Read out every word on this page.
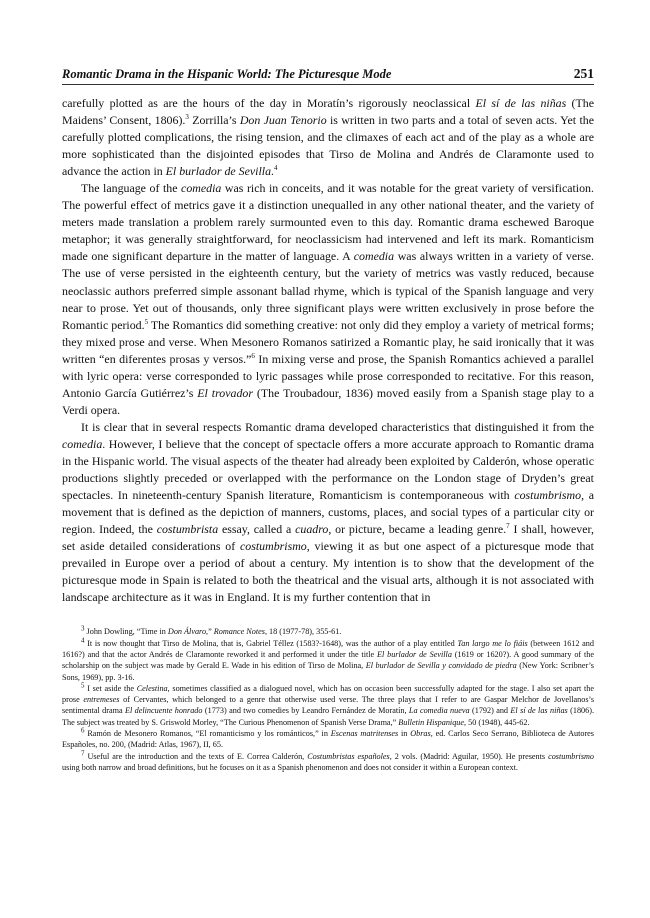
Romantic Drama in the Hispanic World: The Picturesque Mode	251

carefully plotted as are the hours of the day in Moratín’s rigorously neoclassical El sí de las niñas (The Maidens’ Consent, 1806).$^3$ Zorrilla’s Don Juan Tenorio is written in two parts and a total of seven acts. Yet the carefully plotted complications, the rising tension, and the climaxes of each act and of the play as a whole are more sophisticated than the disjointed episodes that Tirso de Molina and Andrés de Claramonte used to advance the action in El burlador de Sevilla.$^4$

The language of the comedia was rich in conceits, and it was notable for the great variety of versification. The powerful effect of metrics gave it a distinction unequalled in any other national theater, and the variety of meters made translation a problem rarely surmounted even to this day. Romantic drama eschewed Baroque metaphor; it was generally straightforward, for neoclassicism had intervened and left its mark. Romanticism made one significant departure in the matter of language. A comedia was always written in a variety of verse. The use of verse persisted in the eighteenth century, but the variety of metrics was vastly reduced, because neoclassic authors preferred simple assonant ballad rhyme, which is typical of the Spanish language and very near to prose. Yet out of thousands, only three significant plays were written exclusively in prose before the Romantic period.$^5$ The Romantics did something creative: not only did they employ a variety of metrical forms; they mixed prose and verse. When Mesonero Romanos satirized a Romantic play, he said ironically that it was written “en diferentes prosas y versos.”$^6$ In mixing verse and prose, the Spanish Romantics achieved a parallel with lyric opera: verse corresponded to lyric passages while prose corresponded to recitative. For this reason, Antonio García Gutiérrez’s El trovador (The Troubadour, 1836) moved easily from a Spanish stage play to a Verdi opera.

It is clear that in several respects Romantic drama developed characteristics that distinguished it from the comedia. However, I believe that the concept of spectacle offers a more accurate approach to Romantic drama in the Hispanic world. The visual aspects of the theater had already been exploited by Calderón, whose operatic productions slightly preceded or overlapped with the performance on the London stage of Dryden’s great spectacles. In nineteenth-century Spanish literature, Romanticism is contemporaneous with costumbrismo, a movement that is defined as the depiction of manners, customs, places, and social types of a particular city or region. Indeed, the costumbrista essay, called a cuadro, or picture, became a leading genre.$^7$ I shall, however, set aside detailed considerations of costumbrismo, viewing it as but one aspect of a picturesque mode that prevailed in Europe over a period of about a century. My intention is to show that the development of the picturesque mode in Spain is related to both the theatrical and the visual arts, although it is not associated with landscape architecture as it was in England. It is my further contention that in

$^3$ John Dowling, “Time in Don Álvaro,” Romance Notes, 18 (1977-78), 355-61.

$^4$ It is now thought that Tirso de Molina, that is, Gabriel Téllez (1583?-1648), was the author of a play entitled Tan largo me lo fiáis (between 1612 and 1616?) and that the actor Andrés de Claramonte reworked it and performed it under the title El burlador de Sevilla (1619 or 1620?). A good summary of the scholarship on the subject was made by Gerald E. Wade in his edition of Tirso de Molina, El burlador de Sevilla y convidado de piedra (New York: Scribner’s Sons, 1969), pp. 3-16.

$^5$ I set aside the Celestina, sometimes classified as a dialogued novel, which has on occasion been successfully adapted for the stage. I also set apart the prose entremeses of Cervantes, which belonged to a genre that otherwise used verse. The three plays that I refer to are Gaspar Melchor de Jovellanos’s sentimental drama El delincuente honrado (1773) and two comedies by Leandro Fernández de Moratín, La comedia nueva (1792) and El sí de las niñas (1806). The subject was treated by S. Griswold Morley, “The Curious Phenomenon of Spanish Verse Drama,” Bulletin Hispanique, 50 (1948), 445-62.

$^6$ Ramón de Mesonero Romanos, “El romanticismo y los románticos,” in Escenas matritenses in Obras, ed. Carlos Seco Serrano, Biblioteca de Autores Españoles, no. 200, (Madrid: Atlas, 1967), II, 65.

$^7$ Useful are the introduction and the texts of E. Correa Calderón, Costumbristas españoles, 2 vols. (Madrid: Aguilar, 1950). He presents costumbrismo using both narrow and broad definitions, but he focuses on it as a Spanish phenomenon and does not consider it within a European context.
